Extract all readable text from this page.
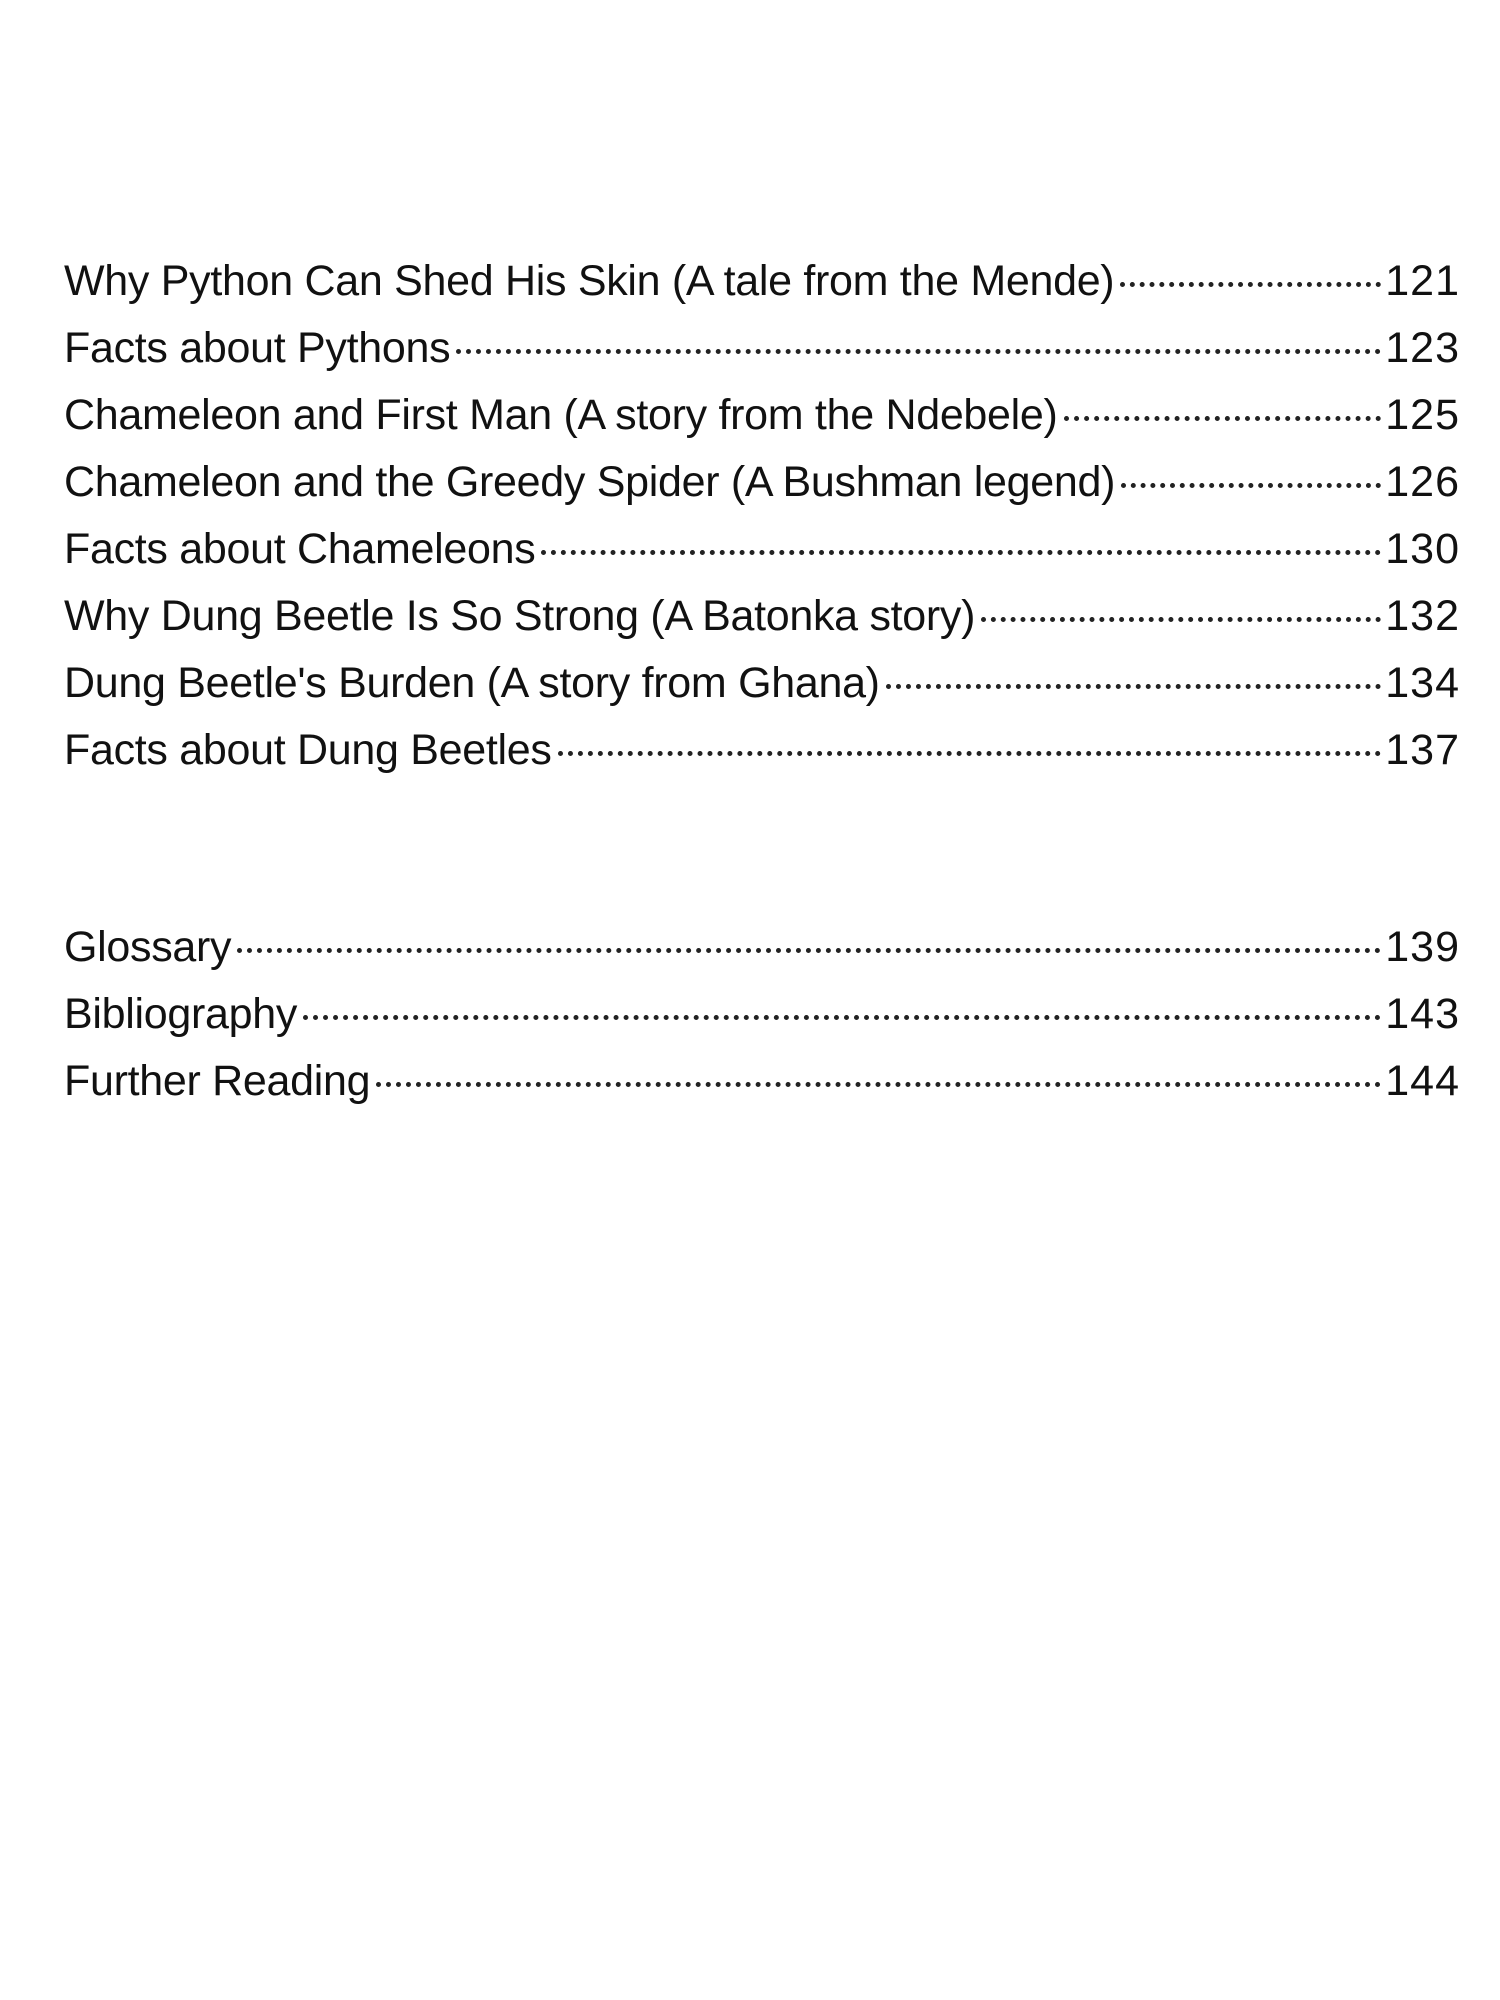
Why Python Can Shed His Skin (A tale from the Mende)	121
Facts about Pythons	123
Chameleon and First Man (A story from the Ndebele)	125
Chameleon and the Greedy Spider (A Bushman legend)	126
Facts about Chameleons	130
Why Dung Beetle Is So Strong (A Batonka story)	132
Dung Beetle's Burden (A story from Ghana)	134
Facts about Dung Beetles	137
Glossary	139
Bibliography	143
Further Reading	144
